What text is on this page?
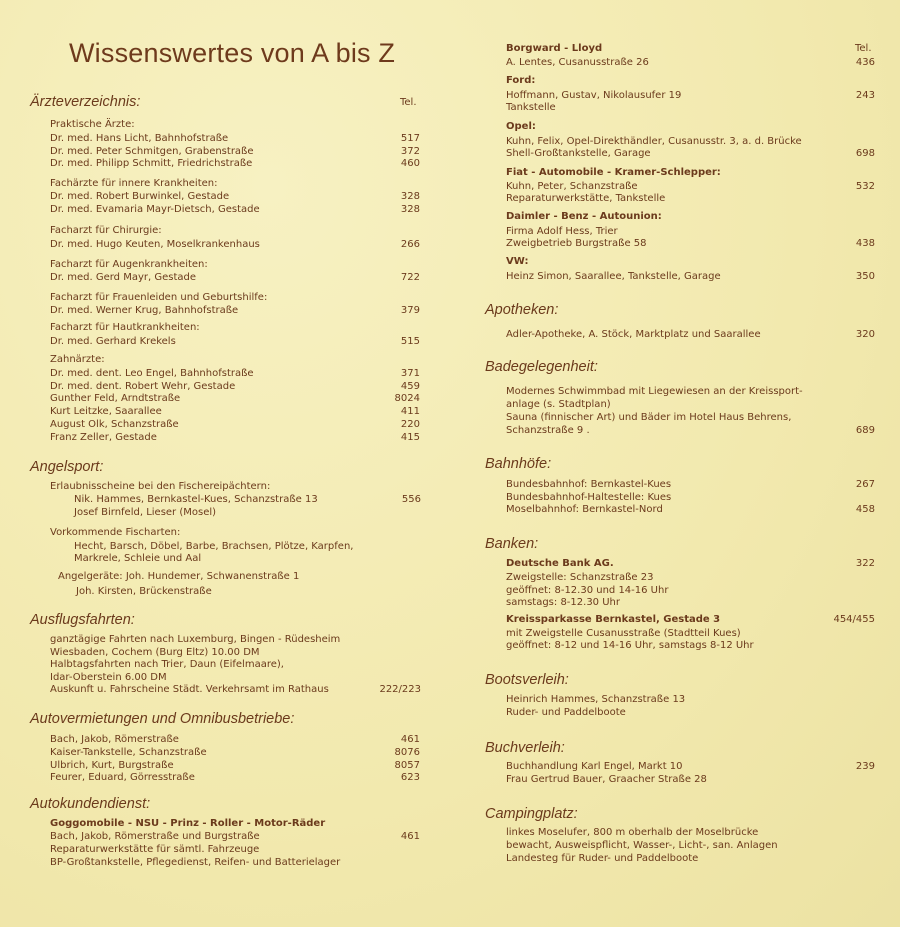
Wissenswertes von A bis Z
Ärzteverzeichnis:	Tel.
Praktische Ärzte:
Dr. med. Hans Licht, Bahnhofstraße	517
Dr. med. Peter Schmitgen, Grabenstraße	372
Dr. med. Philipp Schmitt, Friedrichstraße	460
Fachärzte für innere Krankheiten:
Dr. med. Robert Burwinkel, Gestade	328
Dr. med. Evamaria Mayr-Dietsch, Gestade	328
Facharzt für Chirurgie:
Dr. med. Hugo Keuten, Moselkrankenhaus	266
Facharzt für Augenkrankheiten:
Dr. med. Gerd Mayr, Gestade	722
Facharzt für Frauenleiden und Geburtshilfe:
Dr. med. Werner Krug, Bahnhofstraße	379
Facharzt für Hautkrankheiten:
Dr. med. Gerhard Krekels	515
Zahnärzte:
Dr. med. dent. Leo Engel, Bahnhofstraße	371
Dr. med. dent. Robert Wehr, Gestade	459
Gunther Feld, Arndtstraße	8024
Kurt Leitzke, Saarallee	411
August Olk, Schanzstraße	220
Franz Zeller, Gestade	415
Angelsport:
Erlaubnisscheine bei den Fischereipächtern:
Nik. Hammes, Bernkastel-Kues, Schanzstraße 13	556
Josef Birnfeld, Lieser (Mosel)
Vorkommende Fischarten:
Hecht, Barsch, Döbel, Barbe, Brachsen, Plötze, Karpfen,
Markrele, Schleie und Aal
Angelgeräte: Joh. Hundemer, Schwanenstraße 1
Joh. Kirsten, Brückenstraße
Ausflugsfahrten:
ganztägige Fahrten nach Luxemburg, Bingen - Rüdesheim
Wiesbaden, Cochem (Burg Eltz) 10.00 DM
Halbtagsfahrten nach Trier, Daun (Eifelmaare),
Idar-Oberstein 6.00 DM
Auskunft u. Fahrscheine Städt. Verkehrsamt im Rathaus	222/223
Autovermietungen und Omnibusbetriebe:
Bach, Jakob, Römerstraße	461
Kaiser-Tankstelle, Schanzstraße	8076
Ulbrich, Kurt, Burgstraße	8057
Feurer, Eduard, Görresstraße	623
Autokundendienst:
Goggomobile - NSU - Prinz - Roller - Motor-Räder
Bach, Jakob, Römerstraße und Burgstraße	461
Reparaturwerkstätte für sämtl. Fahrzeuge
BP-Großtankstelle, Pflegedienst, Reifen- und Batterielager
Tel.
Borgward - Lloyd
A. Lentes, Cusanusstraße 26	436
Ford:
Hoffmann, Gustav, Nikolausufer 19	243
Tankstelle
Opel:
Kuhn, Felix, Opel-Direkthändler, Cusanusstr. 3, a. d. Brücke
Shell-Großtankstelle, Garage	698
Fiat - Automobile - Kramer-Schlepper:
Kuhn, Peter, Schanzstraße	532
Reparaturwerkstätte, Tankstelle
Daimler - Benz - Autounion:
Firma Adolf Hess, Trier
Zweigbetrieb Burgstraße 58	438
VW:
Heinz Simon, Saarallee, Tankstelle, Garage	350
Apotheken:
Adler-Apotheke, A. Stöck, Marktplatz und Saarallee	320
Badegelegenheit:
Modernes Schwimmbad mit Liegewiesen an der Kreissport-
anlage (s. Stadtplan)
Sauna (finnischer Art) und Bäder im Hotel Haus Behrens,
Schanzstraße 9 .	689
Bahnhöfe:
Bundesbahnhof: Bernkastel-Kues	267
Bundesbahnhof-Haltestelle: Kues
Moselbahnhof: Bernkastel-Nord	458
Banken:
Deutsche Bank AG.	322
Zweigstelle: Schanzstraße 23
geöffnet: 8-12.30 und 14-16 Uhr
samstags: 8-12.30 Uhr
Kreissparkasse Bernkastel, Gestade 3	454/455
mit Zweigstelle Cusanusstraße (Stadtteil Kues)
geöffnet: 8-12 und 14-16 Uhr, samstags 8-12 Uhr
Bootsverleih:
Heinrich Hammes, Schanzstraße 13
Ruder- und Paddelboote
Buchverleih:
Buchhandlung Karl Engel, Markt 10	239
Frau Gertrud Bauer, Graacher Straße 28
Campingplatz:
linkes Moselufer, 800 m oberhalb der Moselbrücke
bewacht, Ausweispflicht, Wasser-, Licht-, san. Anlagen
Landesteg für Ruder- und Paddelboote
